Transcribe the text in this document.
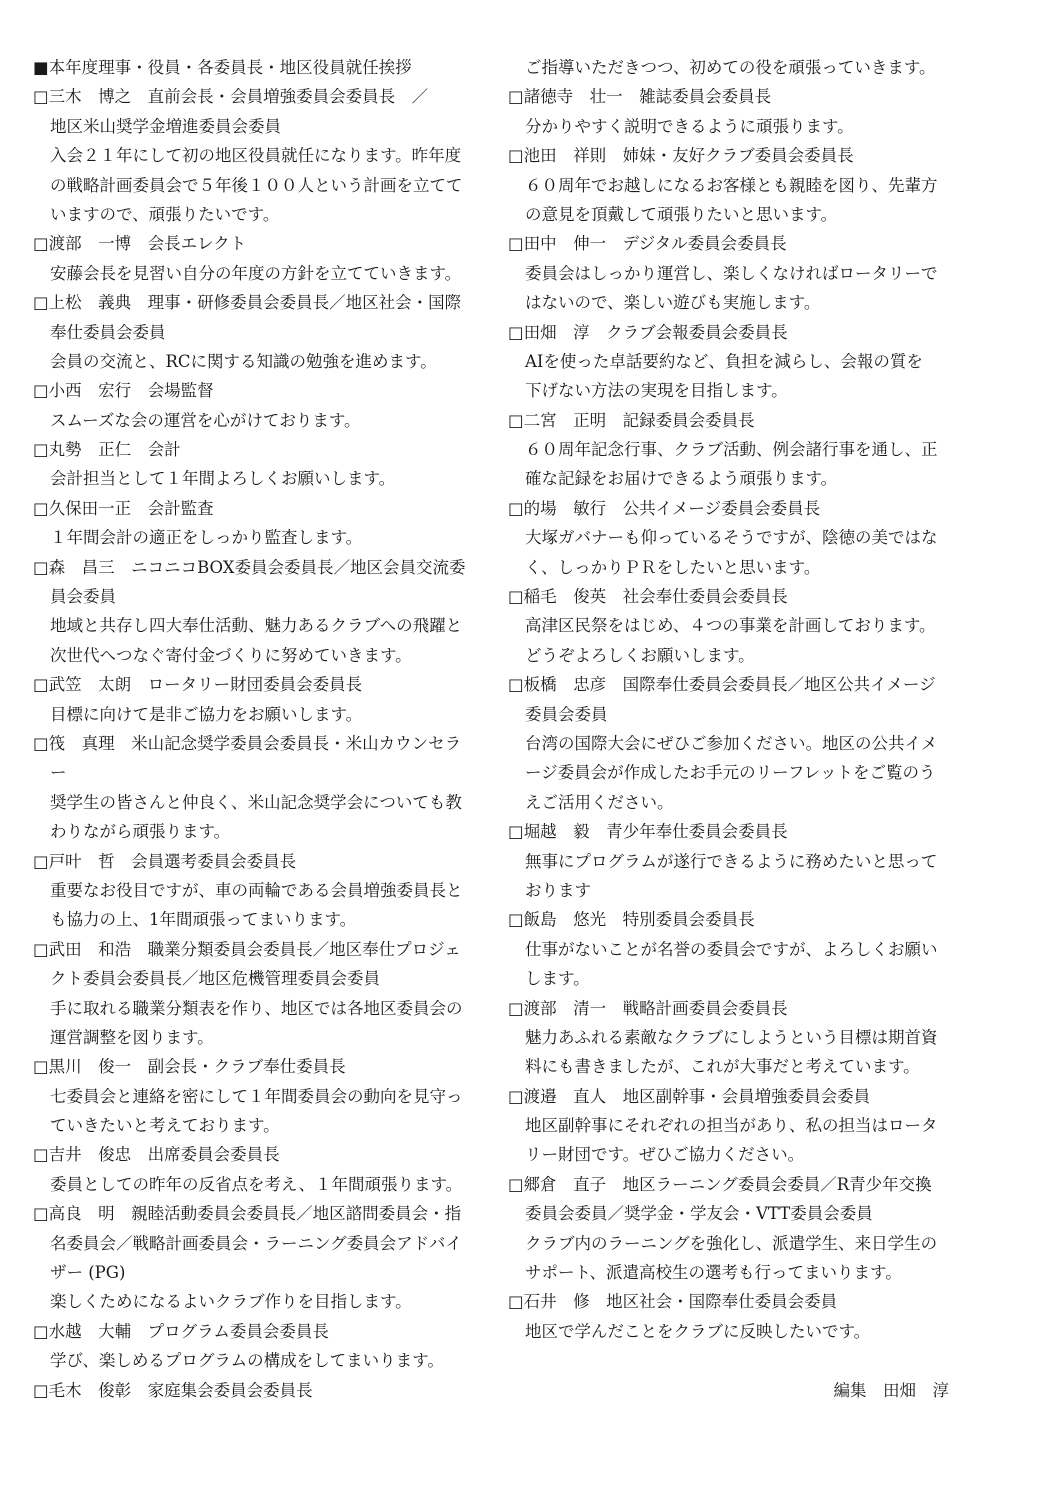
■本年度理事・役員・各委員長・地区役員就任挨拶
□三木　博之　直前会長・会員増強委員会委員長　／
地区米山奨学金増進委員会委員
入会２１年にして初の地区役員就任になります。昨年度
の戦略計画委員会で５年後１００人という計画を立てて
いますので、頑張りたいです。
□渡部　一博　会長エレクト
安藤会長を見習い自分の年度の方針を立てていきます。
□上松　義典　理事・研修委員会委員長／地区社会・国際
奉仕委員会委員
会員の交流と、RCに関する知識の勉強を進めます。
□小西　宏行　会場監督
スムーズな会の運営を心がけております。
□丸勢　正仁　会計
会計担当として１年間よろしくお願いします。
□久保田一正　会計監査
１年間会計の適正をしっかり監査します。
□森　昌三　ニコニコBOX委員会委員長／地区会員交流委
員会委員
地域と共存し四大奉仕活動、魅力あるクラブへの飛躍と
次世代へつなぐ寄付金づくりに努めていきます。
□武笠　太朗　ロータリー財団委員会委員長
目標に向けて是非ご協力をお願いします。
□筏　真理　米山記念奨学委員会委員長・米山カウンセラ
ー
奨学生の皆さんと仲良く、米山記念奨学会についても教
わりながら頑張ります。
□戸叶　哲　会員選考委員会委員長
重要なお役目ですが、車の両輪である会員増強委員長と
も協力の上、1年間頑張ってまいります。
□武田　和浩　職業分類委員会委員長／地区奉仕プロジェ
クト委員会委員長／地区危機管理委員会委員
手に取れる職業分類表を作り、地区では各地区委員会の
運営調整を図ります。
□黒川　俊一　副会長・クラブ奉仕委員長
七委員会と連絡を密にして１年間委員会の動向を見守っ
ていきたいと考えております。
□吉井　俊忠　出席委員会委員長
委員としての昨年の反省点を考え、１年間頑張ります。
□高良　明　親睦活動委員会委員長／地区諮問委員会・指
名委員会／戦略計画委員会・ラーニング委員会アドバイ
ザー (PG)
楽しくためになるよいクラブ作りを目指します。
□水越　大輔　プログラム委員会委員長
学び、楽しめるプログラムの構成をしてまいります。
□毛木　俊彰　家庭集会委員会委員長
ご指導いただきつつ、初めての役を頑張っていきます。
□諸徳寺　壮一　雑誌委員会委員長
分かりやすく説明できるように頑張ります。
□池田　祥則　姉妹・友好クラブ委員会委員長
６０周年でお越しになるお客様とも親睦を図り、先輩方
の意見を頂戴して頑張りたいと思います。
□田中　伸一　デジタル委員会委員長
委員会はしっかり運営し、楽しくなければロータリーで
はないので、楽しい遊びも実施します。
□田畑　淳　クラブ会報委員会委員長
AIを使った卓話要約など、負担を減らし、会報の質を
下げない方法の実現を目指します。
□二宮　正明　記録委員会委員長
６０周年記念行事、クラブ活動、例会諸行事を通し、正
確な記録をお届けできるよう頑張ります。
□的場　敏行　公共イメージ委員会委員長
大塚ガバナーも仰っているそうですが、陰徳の美ではな
く、しっかりＰＲをしたいと思います。
□稲毛　俊英　社会奉仕委員会委員長
高津区民祭をはじめ、４つの事業を計画しております。
どうぞよろしくお願いします。
□板橋　忠彦　国際奉仕委員会委員長／地区公共イメージ
委員会委員
台湾の国際大会にぜひご参加ください。地区の公共イメ
ージ委員会が作成したお手元のリーフレットをご覧のう
えご活用ください。
□堀越　毅　青少年奉仕委員会委員長
無事にプログラムが遂行できるように務めたいと思って
おります
□飯島　悠光　特別委員会委員長
仕事がないことが名誉の委員会ですが、よろしくお願い
します。
□渡部　清一　戦略計画委員会委員長
魅力あふれる素敵なクラブにしようという目標は期首資
料にも書きましたが、これが大事だと考えています。
□渡邉　直人　地区副幹事・会員増強委員会委員
地区副幹事にそれぞれの担当があり、私の担当はロータ
リー財団です。ぜひご協力ください。
□郷倉　直子　地区ラーニング委員会委員／R青少年交換
委員会委員／奨学金・学友会・VTT委員会委員
クラブ内のラーニングを強化し、派遣学生、来日学生の
サポート、派遣高校生の選考も行ってまいります。
□石井　修　地区社会・国際奉仕委員会委員
地区で学んだことをクラブに反映したいです。
編集　田畑　淳
